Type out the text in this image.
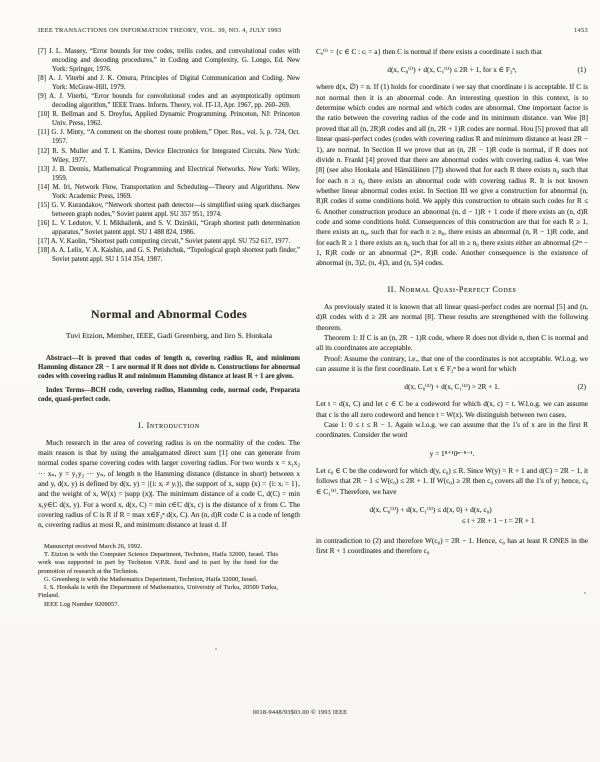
IEEE TRANSACTIONS ON INFORMATION THEORY, VOL. 39, NO. 4, JULY 1993	1453

[7] J. L. Massey, “Error bounds for tree codes, trellis codes, and convolutional codes with encoding and decoding procedures,” in Coding and Complexity, G. Longo, Ed. New York: Springer, 1976.

[8] A. J. Viterbi and J. K. Omura, Principles of Digital Communication and Coding. New York: McGraw-Hill, 1979.

[9] A. J. Viterbi, “Error bounds for convolutional codes and an asymptotically optimum decoding algorithm,” IEEE Trans. Inform. Theory, vol. IT-13, Apr. 1967, pp. 260–269.

[10] R. Bellman and S. Dreyfus, Applied Dynamic Programming. Princeton, NJ: Princeton Univ. Press, 1962.

[11] G. J. Minty, “A comment on the shortest route problem,” Oper. Res., vol. 5, p. 724, Oct. 1957.

[12] R. S. Muller and T. I. Kamins, Device Electronics for Integrated Circuits. New York: Wiley, 1977.

[13] J. B. Dennis, Mathematical Programming and Electrical Networks. New York: Wiley, 1959.

[14] M. Iri, Network Flow, Transportation and Scheduling—Theory and Algorithms. New York: Academic Press, 1969.

[15] G. V. Kurandakov, “Network shortest path detector—is simplified using spark discharges between graph nodes,” Soviet patent appl. SU 357 951, 1974.

[16] L. V. Ledutov, V. I. Mikhailenk, and S. V. Dzirskii, “Graph shortest path determination apparatus,” Soviet patent appl. SU 1 488 824, 1986.

[17] A. V. Kaolin, “Shortest path computing circuit,” Soviet patent appl. SU 752 617, 1977.

[18] A. A. Lelix, V. A. Kaishin, and G. S. Petishchuk, “Topological graph shortest path finder,” Soviet patent appl. SU 1 514 354, 1987.

Normal and Abnormal Codes

Tuvi Etzion, Member, IEEE, Gadi Greenberg, and Iiro S. Honkala

Abstract—It is proved that codes of length n, covering radius R, and minimum Hamming distance 2R − 1 are normal if R does not divide n. Constructions for abnormal codes with covering radius R and minimum Hamming distance at least R + 1 are given.

Index Terms—BCH code, covering radius, Hamming code, normal code, Preparata code, quasi-perfect code.

I. Introduction

Much research in the area of covering radius is on the normality of the codes. The main reason is that by using the amalgamated direct sum [1] one can generate from normal codes sparse covering codes with larger covering radius. For two words x = x₁x₂ ··· xₙ, y = y₁y₂ ··· yₙ, of length n the Hamming distance (distance in short) between x and y, d(x, y) is defined by d(x, y) = |{i: xᵢ ≠ yᵢ}|, the support of x, supp (x) = {i: xᵢ = 1}, and the weight of x, W(x) = |supp (x)|. The minimum distance of a code C, d(C) = min x,y∈C d(x, y). For a word x, d(x, C) = min c∈C d(x, c) is the distance of x from C. The covering radius of C is R if R = max x∈F₂ⁿ d(x, C). An (n, d)R code C is a code of length n, covering radius at most R, and minimum distance at least d. If

Manuscript received March 26, 1992.

T. Etzion is with the Computer Science Department, Technion, Haifa 32000, Israel. This work was supported in part by Technion V.P.R. fund and in part by the fund for the promotion of research at the Technion.

G. Greenberg is with the Mathematics Department, Technion, Haifa 32000, Israel.

I. S. Honkala is with the Department of Mathematics, University of Turku, 20500 Turku, Finland.

IEEE Log Number 9209057.

Cₐ⁽ⁱ⁾ = {c ∈ C : cᵢ = a} then C is normal if there exists a coordinate i such that

d(x, C₀⁽ⁱ⁾) + d(x, C₁⁽ⁱ⁾) ≤ 2R + 1, for x ∈ F₂ⁿ,	(1)

where d(x, ∅) = n. If (1) holds for coordinate i we say that coordinate i is acceptable. If C is not normal then it is an abnormal code. An interesting question in this context, is to determine which codes are normal and which codes are abnormal. One important factor is the ratio between the covering radius of the code and its minimum distance. van Wee [8] proved that all (n, 2R)R codes and all (n, 2R + 1)R codes are normal. Hou [5] proved that all linear quasi-perfect codes (codes with covering radius R and minimum distance at least 2R − 1), are normal. In Section II we prove that an (n, 2R − 1)R code is normal, if R does not divide n. Frankl [4] proved that there are abnormal codes with covering radius 4. van Wee [8] (see also Honkala and Hämäläinen [7]) showed that for each R there exists n₀ such that for each n ≥ n₀ there exists an abnormal code with covering radius R. It is not known whether linear abnormal codes exist. In Section III we give a construction for abnormal (n, R)R codes if some conditions hold. We apply this construction to obtain such codes for R ≤ 6. Another construction produce an abnormal (n, d − 1)R + 1 code if there exists an (n, d)R code and some conditions hold. Consequences of this construction are that for each R ≥ 1, there exists an n₀, such that for each n ≥ n₀, there exists an abnormal (n, R − 1)R code, and for each R ≥ 1 there exists an n₀ such that for all m ≥ n₀ there exists either an abnormal (2ᵐ − 1, R)R code or an abnormal (2ᵐ, R)R code. Another consequence is the existence of abnormal (n, 3)2, (n, 4)3, and (n, 5)4 codes.

II. Normal Quasi-Perfect Codes

As previously stated it is known that all linear quasi-perfect codes are normal [5] and (n, d)R codes with d ≥ 2R are normal [8]. These results are strengthened with the following theorem.

Theorem 1: If C is an (n, 2R − 1)R code, where R does not divide n, then C is normal and all its coordinates are acceptable.

Proof: Assume the contrary, i.e., that one of the coordinates is not acceptable. W.l.o.g. we can assume it is the first coordinate. Let x ∈ F₂ⁿ be a word for which

d(x, C₀⁽¹⁾) + d(x, C₁⁽¹⁾) > 2R + 1.	(2)

Let t = d(x, C) and let c ∈ C be a codeword for which d(x, c) = t. W.l.o.g. we can assume that c is the all zero codeword and hence t = W(x). We distinguish between two cases.

Case 1: 0 ≤ t ≤ R − 1. Again w.l.o.g. we can assume that the 1's of x are in the first R coordinates. Consider the word

y = 1ᴿ⁺¹0ⁿ⁻ᴿ⁻¹.

Let c₀ ∈ C be the codeword for which d(y, c₀) ≤ R. Since W(y) = R + 1 and d(C) = 2R − 1, it follows that 2R − 1 ≤ W(c₀) ≤ 2R + 1. If W(c₀) ≥ 2R then c₀ covers all the 1's of y; hence, c₀ ∈ C₁⁽¹⁾. Therefore, we have

d(x, C₀⁽¹⁾) + d(x, C₁⁽¹⁾) ≤ d(x, 0) + d(x, c₀)
≤ t + 2R + 1 − t = 2R + 1

in contradiction to (2) and therefore W(c₀) = 2R − 1. Hence, c₀ has at least R ONES in the first R + 1 coordinates and therefore c₀

0018-9448/93$03.00 © 1993 IEEE
